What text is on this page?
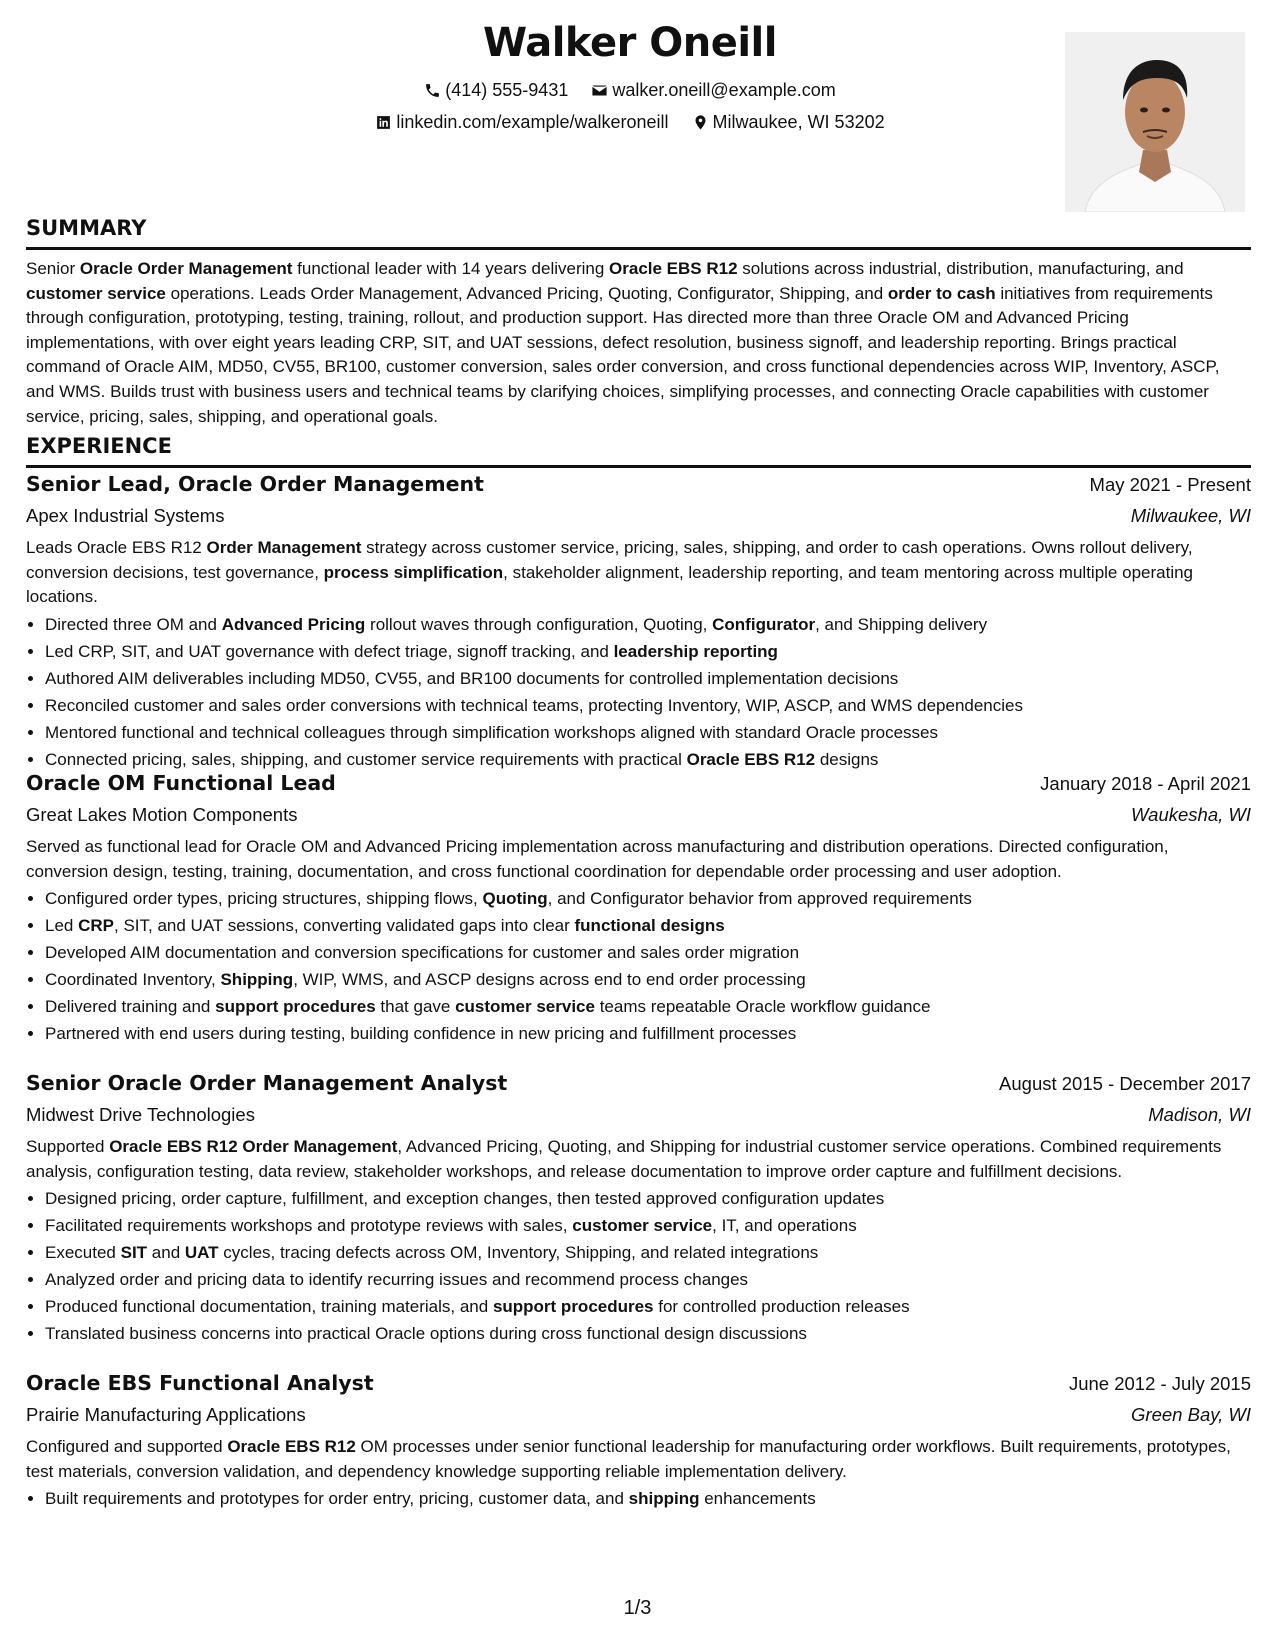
Walker Oneill
(414) 555-9431
walker.oneill@example.com
linkedin.com/example/walkeroneill
Milwaukee, WI 53202
SUMMARY
Senior Oracle Order Management functional leader with 14 years delivering Oracle EBS R12 solutions across industrial, distribution, manufacturing, and customer service operations. Leads Order Management, Advanced Pricing, Quoting, Configurator, Shipping, and order to cash initiatives from requirements through configuration, prototyping, testing, training, rollout, and production support. Has directed more than three Oracle OM and Advanced Pricing implementations, with over eight years leading CRP, SIT, and UAT sessions, defect resolution, business signoff, and leadership reporting. Brings practical command of Oracle AIM, MD50, CV55, BR100, customer conversion, sales order conversion, and cross functional dependencies across WIP, Inventory, ASCP, and WMS. Builds trust with business users and technical teams by clarifying choices, simplifying processes, and connecting Oracle capabilities with customer service, pricing, sales, shipping, and operational goals.
EXPERIENCE
Senior Lead, Oracle Order Management	May 2021 - Present
Apex Industrial Systems	Milwaukee, WI
Leads Oracle EBS R12 Order Management strategy across customer service, pricing, sales, shipping, and order to cash operations. Owns rollout delivery, conversion decisions, test governance, process simplification, stakeholder alignment, leadership reporting, and team mentoring across multiple operating locations.
• Directed three OM and Advanced Pricing rollout waves through configuration, Quoting, Configurator, and Shipping delivery
• Led CRP, SIT, and UAT governance with defect triage, signoff tracking, and leadership reporting
• Authored AIM deliverables including MD50, CV55, and BR100 documents for controlled implementation decisions
• Reconciled customer and sales order conversions with technical teams, protecting Inventory, WIP, ASCP, and WMS dependencies
• Mentored functional and technical colleagues through simplification workshops aligned with standard Oracle processes
• Connected pricing, sales, shipping, and customer service requirements with practical Oracle EBS R12 designs
Oracle OM Functional Lead	January 2018 - April 2021
Great Lakes Motion Components	Waukesha, WI
Served as functional lead for Oracle OM and Advanced Pricing implementation across manufacturing and distribution operations. Directed configuration, conversion design, testing, training, documentation, and cross functional coordination for dependable order processing and user adoption.
• Configured order types, pricing structures, shipping flows, Quoting, and Configurator behavior from approved requirements
• Led CRP, SIT, and UAT sessions, converting validated gaps into clear functional designs
• Developed AIM documentation and conversion specifications for customer and sales order migration
• Coordinated Inventory, Shipping, WIP, WMS, and ASCP designs across end to end order processing
• Delivered training and support procedures that gave customer service teams repeatable Oracle workflow guidance
• Partnered with end users during testing, building confidence in new pricing and fulfillment processes
Senior Oracle Order Management Analyst	August 2015 - December 2017
Midwest Drive Technologies	Madison, WI
Supported Oracle EBS R12 Order Management, Advanced Pricing, Quoting, and Shipping for industrial customer service operations. Combined requirements analysis, configuration testing, data review, stakeholder workshops, and release documentation to improve order capture and fulfillment decisions.
• Designed pricing, order capture, fulfillment, and exception changes, then tested approved configuration updates
• Facilitated requirements workshops and prototype reviews with sales, customer service, IT, and operations
• Executed SIT and UAT cycles, tracing defects across OM, Inventory, Shipping, and related integrations
• Analyzed order and pricing data to identify recurring issues and recommend process changes
• Produced functional documentation, training materials, and support procedures for controlled production releases
• Translated business concerns into practical Oracle options during cross functional design discussions
Oracle EBS Functional Analyst	June 2012 - July 2015
Prairie Manufacturing Applications	Green Bay, WI
Configured and supported Oracle EBS R12 OM processes under senior functional leadership for manufacturing order workflows. Built requirements, prototypes, test materials, conversion validation, and dependency knowledge supporting reliable implementation delivery.
• Built requirements and prototypes for order entry, pricing, customer data, and shipping enhancements
1/3
